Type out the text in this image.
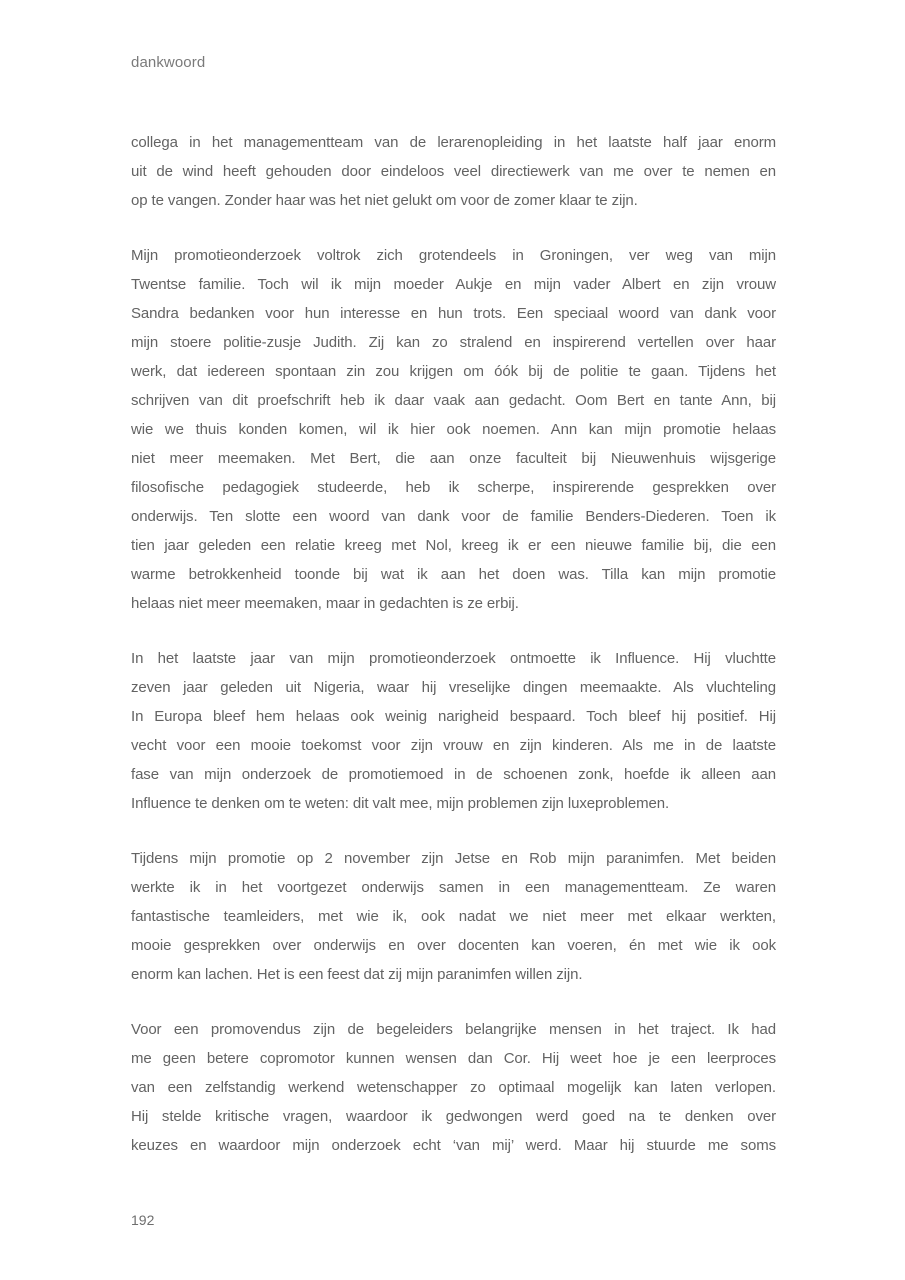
dankwoord

collega in het managementteam van de lerarenopleiding in het laatste half jaar enorm
uit de wind heeft gehouden door eindeloos veel directiewerk van me over te nemen en
op te vangen. Zonder haar was het niet gelukt om voor de zomer klaar te zijn.

Mijn promotieonderzoek voltrok zich grotendeels in Groningen, ver weg van mijn
Twentse familie. Toch wil ik mijn moeder Aukje en mijn vader Albert en zijn vrouw
Sandra bedanken voor hun interesse en hun trots. Een speciaal woord van dank voor
mijn stoere politie-zusje Judith. Zij kan zo stralend en inspirerend vertellen over haar
werk, dat iedereen spontaan zin zou krijgen om óók bij de politie te gaan. Tijdens het
schrijven van dit proefschrift heb ik daar vaak aan gedacht. Oom Bert en tante Ann, bij
wie we thuis konden komen, wil ik hier ook noemen. Ann kan mijn promotie helaas
niet meer meemaken. Met Bert, die aan onze faculteit bij Nieuwenhuis wijsgerige
filosofische pedagogiek studeerde, heb ik scherpe, inspirerende gesprekken over
onderwijs. Ten slotte een woord van dank voor de familie Benders-Diederen. Toen ik
tien jaar geleden een relatie kreeg met Nol, kreeg ik er een nieuwe familie bij, die een
warme betrokkenheid toonde bij wat ik aan het doen was. Tilla kan mijn promotie
helaas niet meer meemaken, maar in gedachten is ze erbij.

In het laatste jaar van mijn promotieonderzoek ontmoette ik Influence. Hij vluchtte
zeven jaar geleden uit Nigeria, waar hij vreselijke dingen meemaakte. Als vluchteling
In Europa bleef hem helaas ook weinig narigheid bespaard. Toch bleef hij positief. Hij
vecht voor een mooie toekomst voor zijn vrouw en zijn kinderen. Als me in de laatste
fase van mijn onderzoek de promotiemoed in de schoenen zonk, hoefde ik alleen aan
Influence te denken om te weten: dit valt mee, mijn problemen zijn luxeproblemen.

Tijdens mijn promotie op 2 november zijn Jetse en Rob mijn paranimfen. Met beiden
werkte ik in het voortgezet onderwijs samen in een managementteam. Ze waren
fantastische teamleiders, met wie ik, ook nadat we niet meer met elkaar werkten,
mooie gesprekken over onderwijs en over docenten kan voeren, én met wie ik ook
enorm kan lachen. Het is een feest dat zij mijn paranimfen willen zijn.

Voor een promovendus zijn de begeleiders belangrijke mensen in het traject. Ik had
me geen betere copromotor kunnen wensen dan Cor. Hij weet hoe je een leerproces
van een zelfstandig werkend wetenschapper zo optimaal mogelijk kan laten verlopen.
Hij stelde kritische vragen, waardoor ik gedwongen werd goed na te denken over
keuzes en waardoor mijn onderzoek echt ‘van mij’ werd. Maar hij stuurde me soms

192
